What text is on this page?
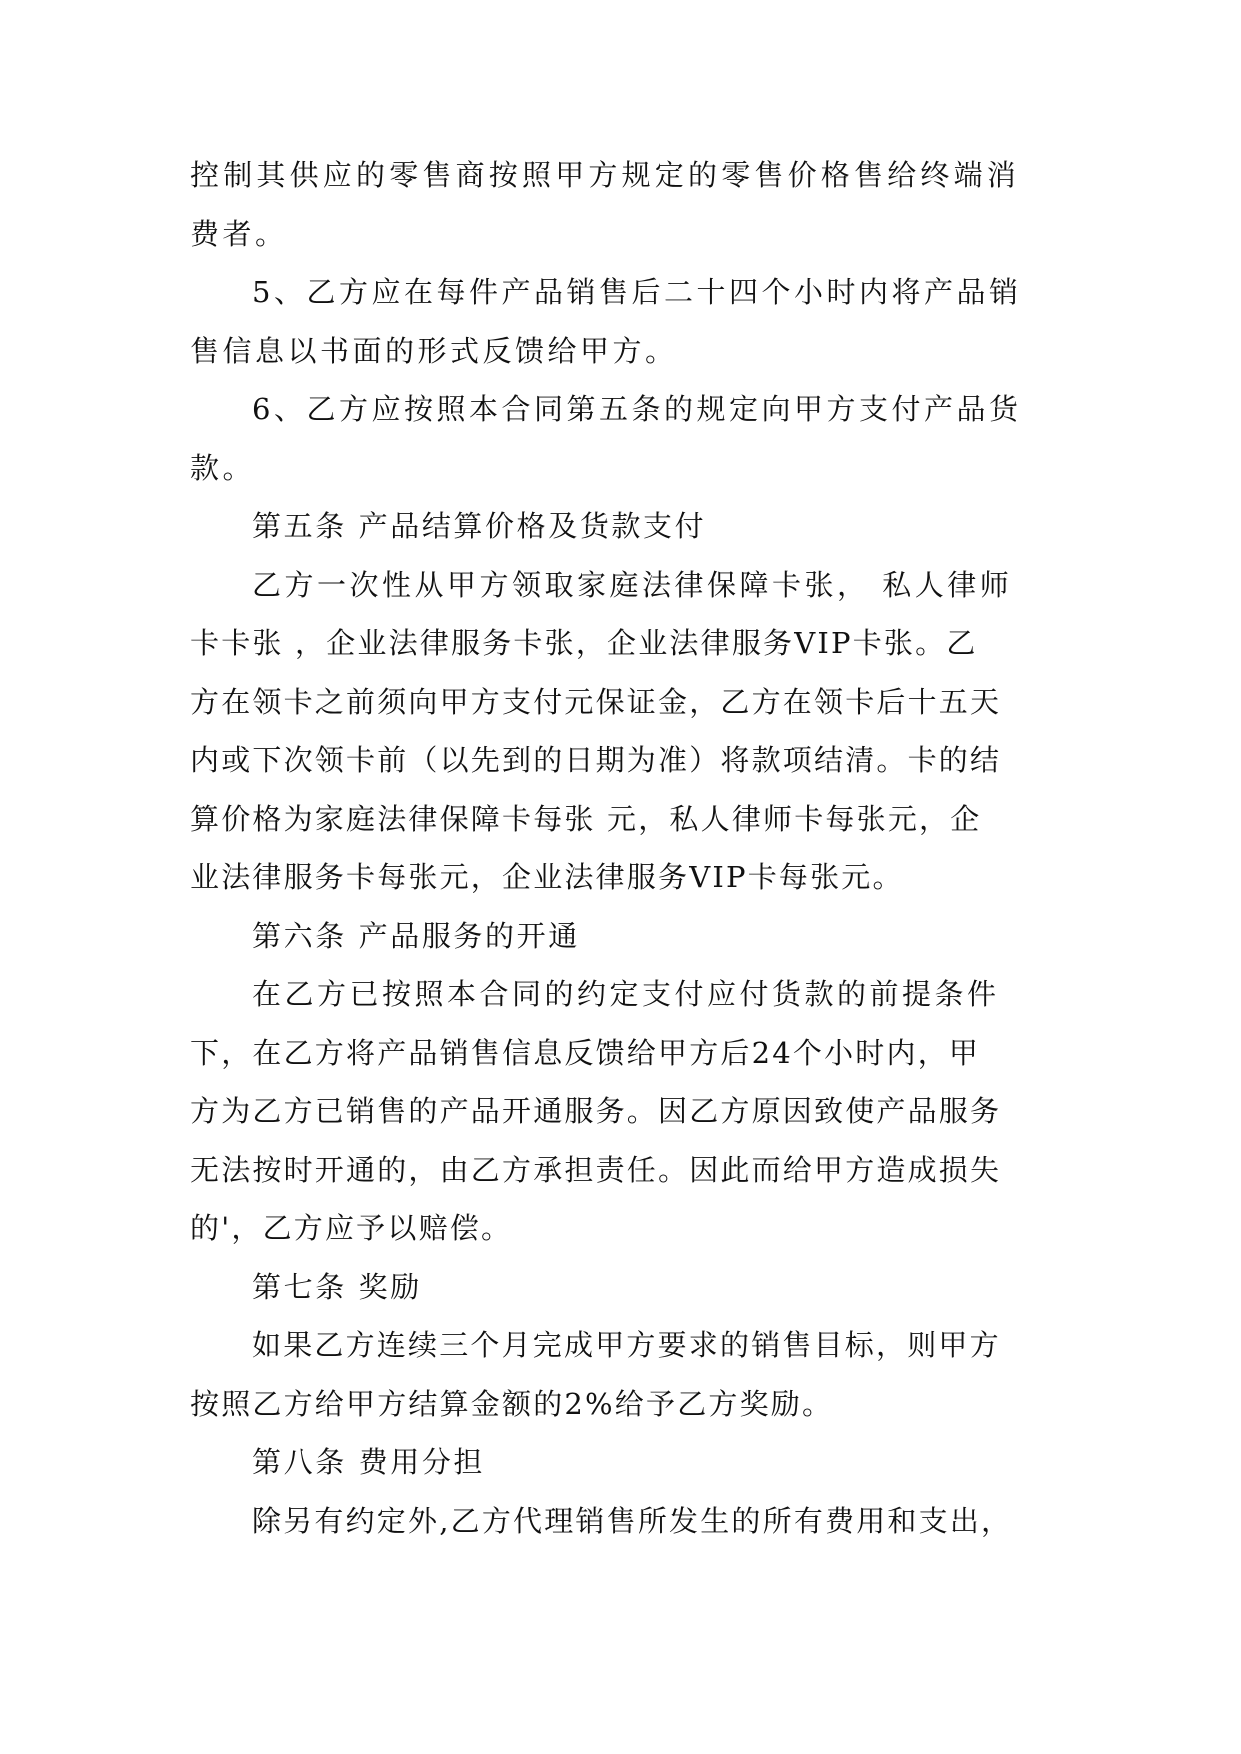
控制其供应的零售商按照甲方规定的零售价格售给终端消
费者。
5、乙方应在每件产品销售后二十四个小时内将产品销
售信息以书面的形式反馈给甲方。
6、乙方应按照本合同第五条的规定向甲方支付产品货
款。
第五条 产品结算价格及货款支付
乙方一次性从甲方领取家庭法律保障卡张， 私人律师
卡卡张 ，企业法律服务卡张，企业法律服务VIP卡张。乙
方在领卡之前须向甲方支付元保证金，乙方在领卡后十五天
内或下次领卡前（以先到的日期为准）将款项结清。卡的结
算价格为家庭法律保障卡每张 元，私人律师卡每张元，企
业法律服务卡每张元，企业法律服务VIP卡每张元。
第六条 产品服务的开通
在乙方已按照本合同的约定支付应付货款的前提条件
下，在乙方将产品销售信息反馈给甲方后24个小时内，甲
方为乙方已销售的产品开通服务。因乙方原因致使产品服务
无法按时开通的，由乙方承担责任。因此而给甲方造成损失
的'，乙方应予以赔偿。
第七条 奖励
如果乙方连续三个月完成甲方要求的销售目标，则甲方
按照乙方给甲方结算金额的2%给予乙方奖励。
第八条 费用分担
除另有约定外,乙方代理销售所发生的所有费用和支出，
